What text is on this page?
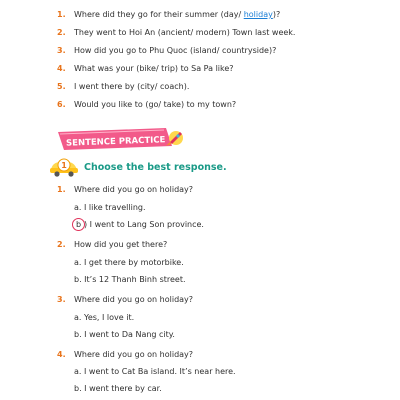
1.	Where did they go for their summer (day/ holiday)?
2.	They went to Hoi An (ancient/ modern) Town last week.
3.	How did you go to Phu Quoc (island/ countryside)?
4.	What was your (bike/ trip) to Sa Pa like?
5.	I went there by (city/ coach).
6.	Would you like to (go/ take) to my town?
SENTENCE PRACTICE
1 Choose the best response.
1.	Where did you go on holiday?
a. I like travelling.
b ) I went to Lang Son province.
2.	How did you get there?
a. I get there by motorbike.
b. It’s 12 Thanh Binh street.
3.	Where did you go on holiday?
a. Yes, I love it.
b. I went to Da Nang city.
4.	Where did you go on holiday?
a. I went to Cat Ba island. It’s near here.
b. I went there by car.
